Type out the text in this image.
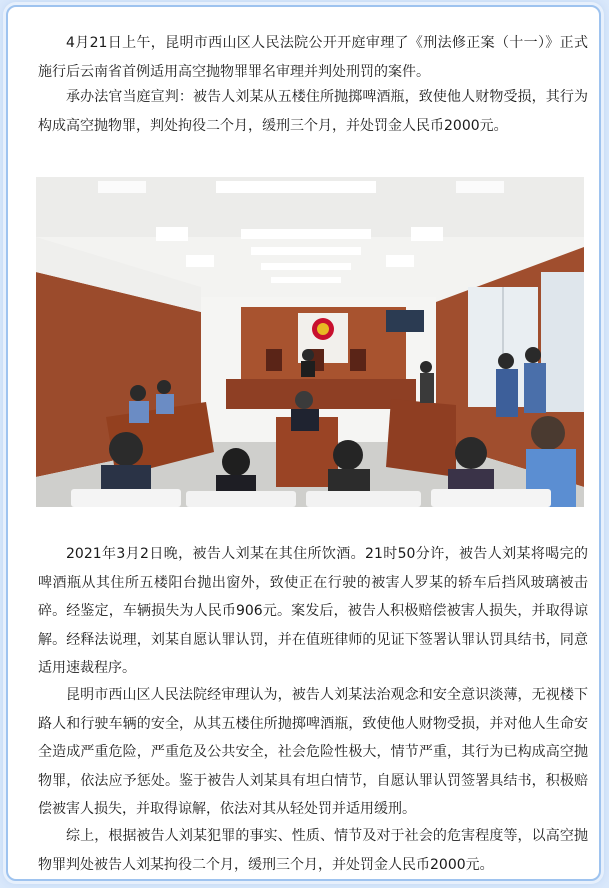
4月21日上午，昆明市西山区人民法院公开开庭审理了《刑法修正案（十一）》正式施行后云南省首例适用高空抛物罪罪名审理并判处刑罚的案件。

承办法官当庭宣判：被告人刘某从五楼住所抛掷啤酒瓶，致使他人财物受损，其行为构成高空抛物罪，判处拘役二个月，缓刑三个月，并处罚金人民币2000元。

2021年3月2日晚，被告人刘某在其住所饮酒。21时50分许，被告人刘某将喝完的啤酒瓶从其住所五楼阳台抛出窗外，致使正在行驶的被害人罗某的轿车后挡风玻璃被击碎。经鉴定，车辆损失为人民币906元。案发后，被告人积极赔偿被害人损失，并取得谅解。经释法说理，刘某自愿认罪认罚，并在值班律师的见证下签署认罪认罚具结书，同意适用速裁程序。

昆明市西山区人民法院经审理认为，被告人刘某法治观念和安全意识淡薄，无视楼下路人和行驶车辆的安全，从其五楼住所抛掷啤酒瓶，致使他人财物受损，并对他人生命安全造成严重危险，严重危及公共安全，社会危险性极大，情节严重，其行为已构成高空抛物罪，依法应予惩处。鉴于被告人刘某具有坦白情节，自愿认罪认罚签署具结书，积极赔偿被害人损失，并取得谅解，依法对其从轻处罚并适用缓刑。

综上，根据被告人刘某犯罪的事实、性质、情节及对于社会的危害程度等，以高空抛物罪判处被告人刘某拘役二个月，缓刑三个月，并处罚金人民币2000元。
